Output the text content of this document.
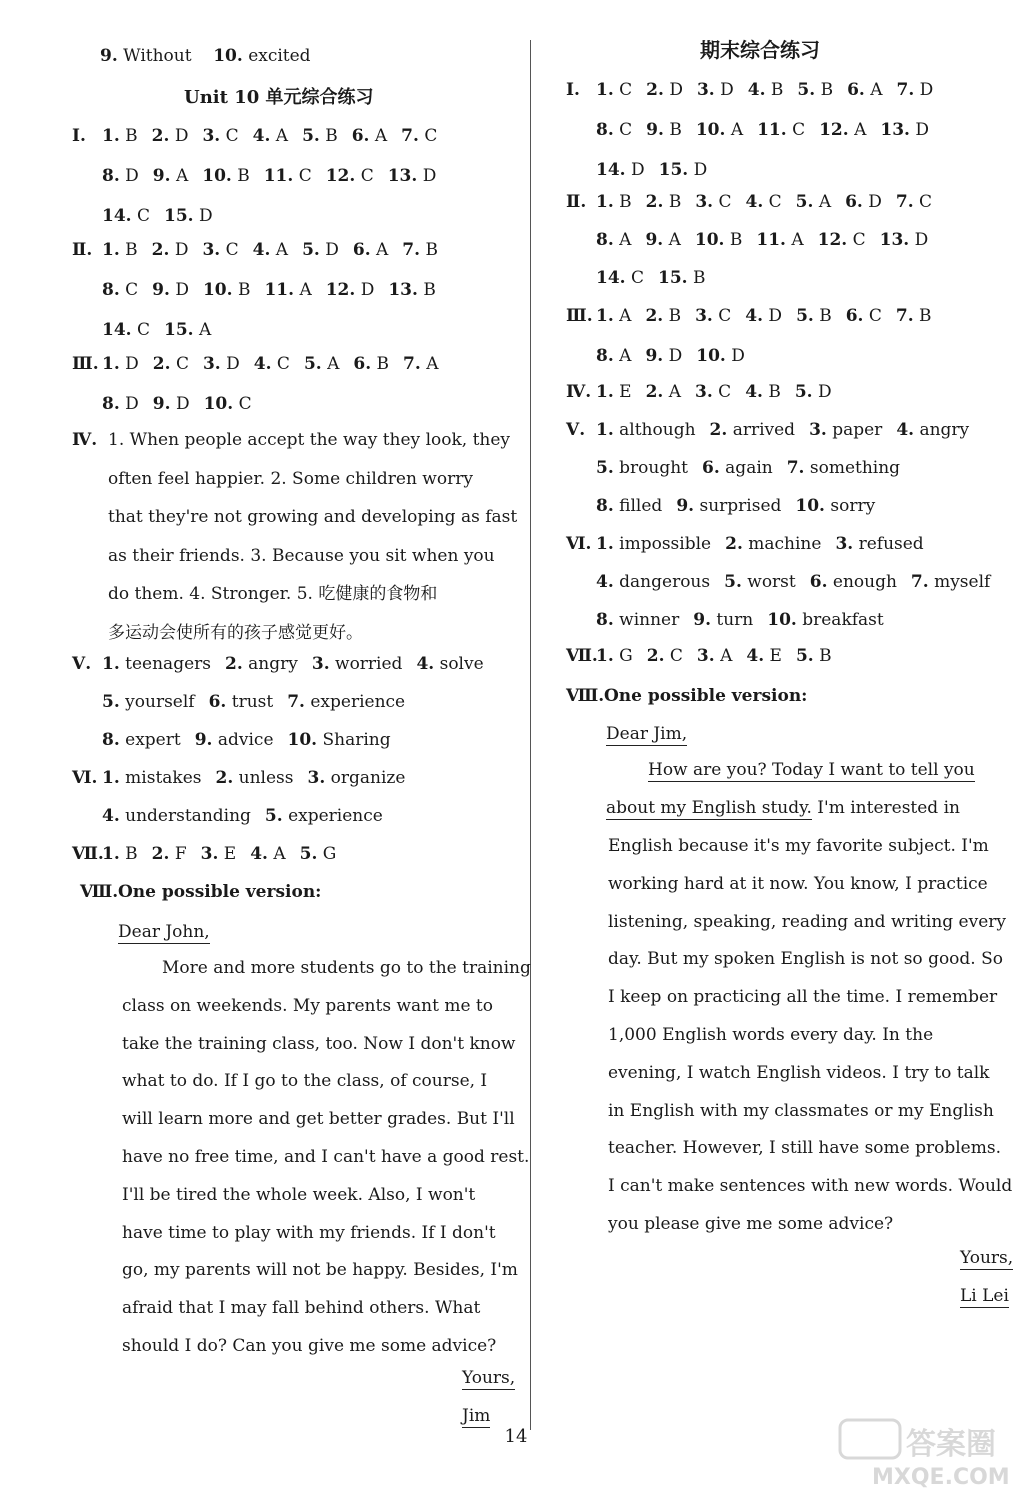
9. Without 10. excited
Unit 10 单元综合练习
Ⅰ. 1. B 2. D 3. C 4. A 5. B 6. A 7. C
8. D 9. A 10. B 11. C 12. C 13. D
14. C 15. D
Ⅱ. 1. B 2. D 3. C 4. A 5. D 6. A 7. B
8. C 9. D 10. B 11. A 12. D 13. B
14. C 15. A
Ⅲ. 1. D 2. C 3. D 4. C 5. A 6. B 7. A
8. D 9. D 10. C
Ⅳ. 1. When people accept the way they look, they
often feel happier. 2. Some children worry
that they're not growing and developing as fast
as their friends. 3. Because you sit when you
do them. 4. Stronger. 5. 吃健康的食物和
多运动会使所有的孩子感觉更好。
Ⅴ. 1. teenagers 2. angry 3. worried 4. solve
5. yourself 6. trust 7. experience
8. expert 9. advice 10. Sharing
Ⅵ. 1. mistakes 2. unless 3. organize
4. understanding 5. experience
Ⅶ.
1. B 2. F 3. E 4. A 5. G
Ⅷ. One possible version:
Dear John,
More and more students go to the training
class on weekends. My parents want me to
take the training class, too. Now I don't know
what to do. If I go to the class, of course, I
will learn more and get better grades. But I'll
have no free time, and I can't have a good rest.
I'll be tired the whole week. Also, I won't
have time to play with my friends. If I don't
go, my parents will not be happy. Besides, I'm
afraid that I may fall behind others. What
should I do? Can you give me some advice?
Yours,
Jim
期末综合练习
Ⅰ. 1. C 2. D 3. D 4. B 5. B 6. A 7. D
8. C 9. B 10. A 11. C 12. A 13. D
14. D 15. D
Ⅱ. 1. B 2. B 3. C 4. C 5. A 6. D 7. C
8. A 9. A 10. B 11. A 12. C 13. D
14. C 15. B
Ⅲ. 1. A 2. B 3. C 4. D 5. B 6. C 7. B
8. A 9. D 10. D
Ⅳ. 1. E 2. A 3. C 4. B 5. D
Ⅴ. 1. although 2. arrived 3. paper 4. angry
5. brought 6. again 7. something
8. filled 9. surprised 10. sorry
Ⅵ. 1. impossible 2. machine 3. refused
4. dangerous 5. worst 6. enough 7. myself
8. winner 9. turn 10. breakfast
Ⅶ.
1. G 2. C 3. A 4. E 5. B
Ⅷ. One possible version:
Dear Jim,
How are you? Today I want to tell you
about my English study. I'm interested in
English because it's my favorite subject. I'm
working hard at it now. You know, I practice
listening, speaking, reading and writing every
day. But my spoken English is not so good. So
I keep on practicing all the time. I remember
1,000 English words every day. In the
evening, I watch English videos. I try to talk
in English with my classmates or my English
teacher. However, I still have some problems.
I can't make sentences with new words. Would
you please give me some advice?
Yours,
Li Lei
14	答案圈
MXQE.COM
